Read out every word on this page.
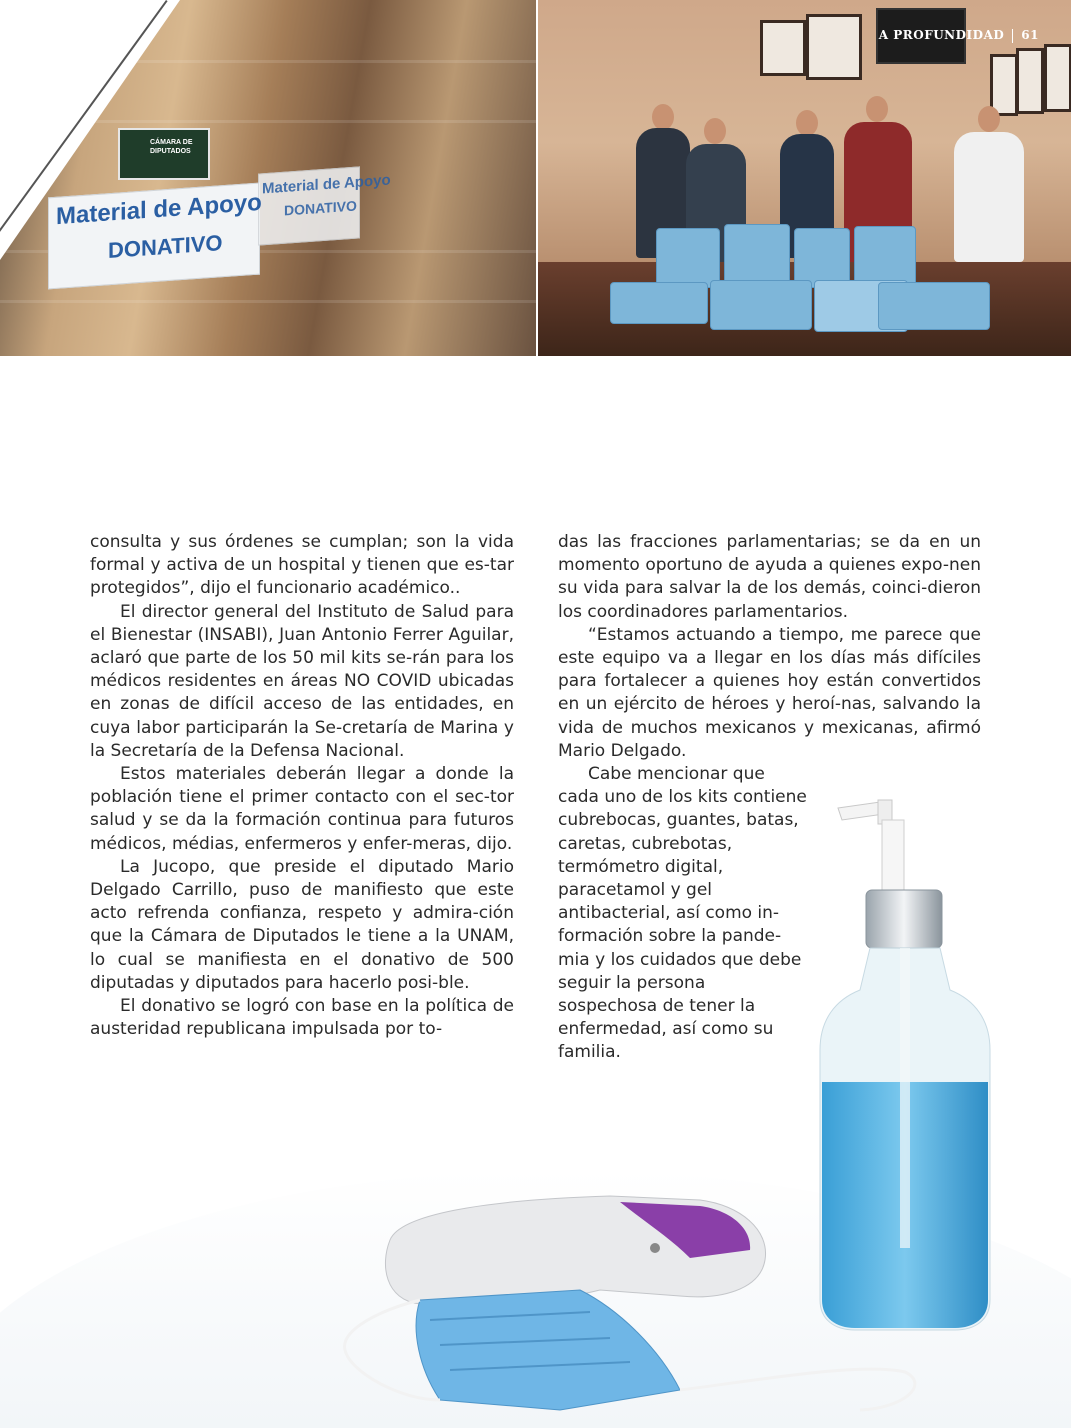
CÁMARA DE DIPUTADOS
Material de Apoyo
DONATIVO
Material de Apoyo
DONATIVO
A PROFUNDIDAD 61

consulta y sus órdenes se cumplan; son la vida formal y activa de un hospital y tienen que es-tar protegidos”, dijo el funcionario académico..

El director general del Instituto de Salud para el Bienestar (INSABI), Juan Antonio Ferrer Aguilar, aclaró que parte de los 50 mil kits se-rán para los médicos residentes en áreas NO COVID ubicadas en zonas de difícil acceso de las entidades, en cuya labor participarán la Se-cretaría de Marina y la Secretaría de la Defensa Nacional.

Estos materiales deberán llegar a donde la población tiene el primer contacto con el sec-tor salud y se da la formación continua para futuros médicos, médias, enfermeros y enfer-meras, dijo.

La Jucopo, que preside el diputado Mario Delgado Carrillo, puso de manifiesto que este acto refrenda confianza, respeto y admira-ción que la Cámara de Diputados le tiene a la UNAM, lo cual se manifiesta en el donativo de 500 diputadas y diputados para hacerlo posi-ble.

El donativo se logró con base en la política de austeridad republicana impulsada por to-

das las fracciones parlamentarias; se da en un momento oportuno de ayuda a quienes expo-nen su vida para salvar la de los demás, coinci-dieron los coordinadores parlamentarios.

“Estamos actuando a tiempo, me parece que este equipo va a llegar en los días más difíciles para fortalecer a quienes hoy están convertidos en un ejército de héroes y heroí-nas, salvando la vida de muchos mexicanos y mexicanas, afirmó Mario Delgado.

Cabe mencionar que cada uno de los kits contiene cubrebocas, guantes, batas, caretas, cubrebotas, termómetro digital, paracetamol y gel antibacterial, así como in-formación sobre la pande-mia y los cuidados que debe seguir la persona sospechosa de tener la enfermedad, así como su familia.
